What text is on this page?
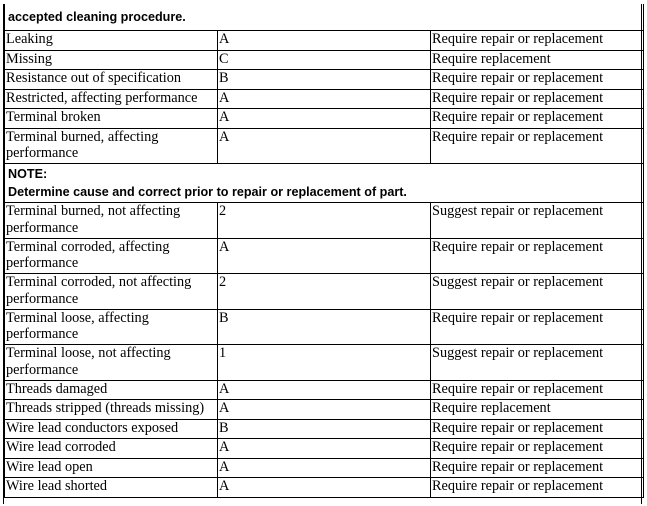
accepted cleaning procedure.		
Leaking	A	Require repair or replacement
Missing	C	Require replacement
Resistance out of specification	B	Require repair or replacement
Restricted, affecting performance	A	Require repair or replacement
Terminal broken	A	Require repair or replacement
Terminal burned, affecting performance	A	Require repair or replacement

NOTE:
Determine cause and correct prior to repair or replacement of part.		

Terminal burned, not affecting performance	2	Suggest repair or replacement
Terminal corroded, affecting performance	A	Require repair or replacement
Terminal corroded, not affecting performance	2	Suggest repair or replacement
Terminal loose, affecting performance	B	Require repair or replacement
Terminal loose, not affecting performance	1	Suggest repair or replacement
Threads damaged	A	Require repair or replacement
Threads stripped (threads missing)	A	Require replacement
Wire lead conductors exposed	B	Require repair or replacement
Wire lead corroded	A	Require repair or replacement
Wire lead open	A	Require repair or replacement
Wire lead shorted	A	Require repair or replacement
